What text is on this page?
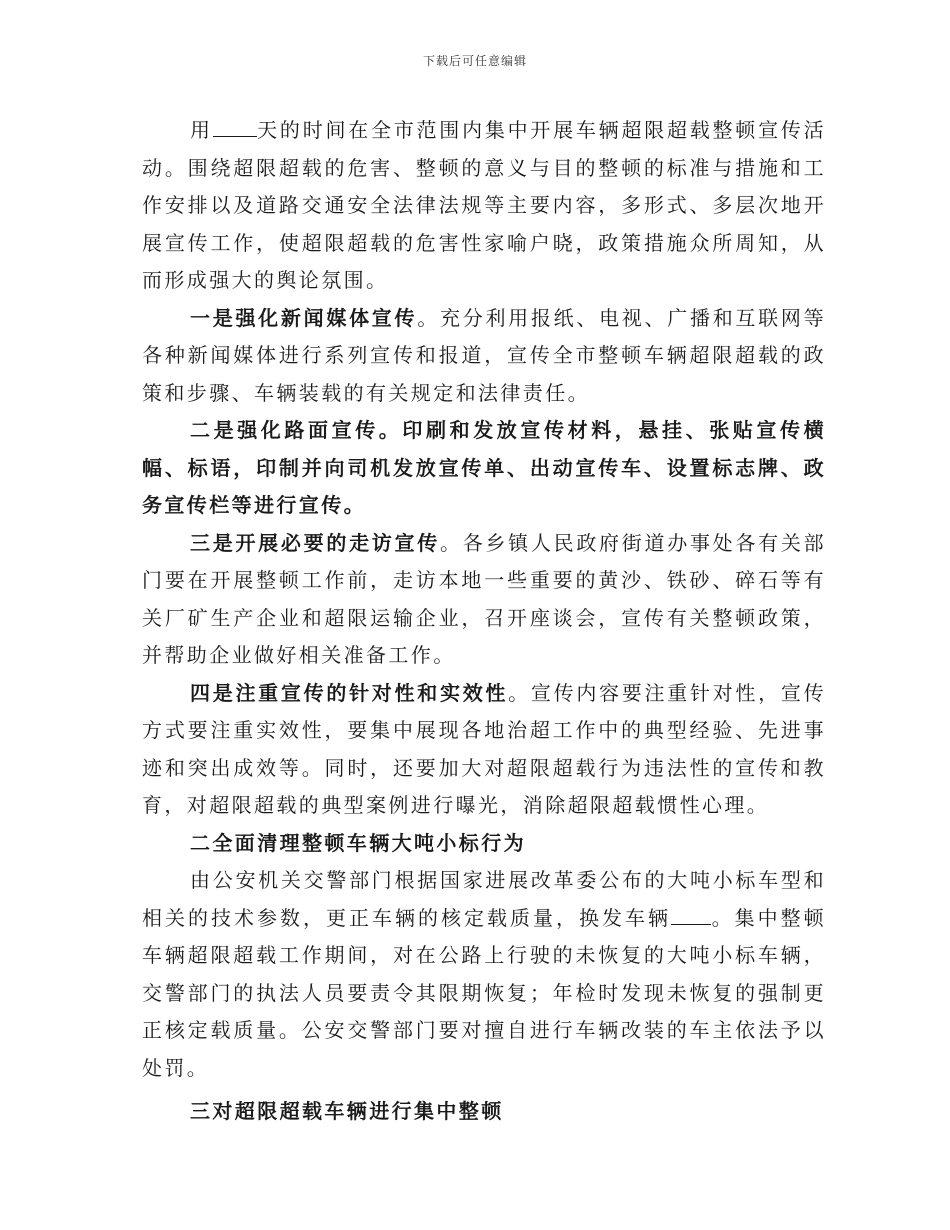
下载后可任意编辑

用 天的时间在全市范围内集中开展车辆超限超载整顿宣传活动。围绕超限超载的危害、整顿的意义与目的整顿的标准与措施和工作安排以及道路交通安全法律法规等主要内容，多形式、多层次地开展宣传工作，使超限超载的危害性家喻户晓，政策措施众所周知，从而形成强大的舆论氛围。

一是强化新闻媒体宣传。充分利用报纸、电视、广播和互联网等各种新闻媒体进行系列宣传和报道，宣传全市整顿车辆超限超载的政策和步骤、车辆装载的有关规定和法律责任。

二是强化路面宣传。印刷和发放宣传材料，悬挂、张贴宣传横幅、标语，印制并向司机发放宣传单、出动宣传车、设置标志牌、政务宣传栏等进行宣传。

三是开展必要的走访宣传。各乡镇人民政府街道办事处各有关部门要在开展整顿工作前，走访本地一些重要的黄沙、铁砂、碎石等有关厂矿生产企业和超限运输企业，召开座谈会，宣传有关整顿政策，并帮助企业做好相关准备工作。

四是注重宣传的针对性和实效性。宣传内容要注重针对性，宣传方式要注重实效性，要集中展现各地治超工作中的典型经验、先进事迹和突出成效等。同时，还要加大对超限超载行为违法性的宣传和教育，对超限超载的典型案例进行曝光，消除超限超载惯性心理。

二全面清理整顿车辆大吨小标行为

由公安机关交警部门根据国家进展改革委公布的大吨小标车型和相关的技术参数，更正车辆的核定载质量，换发车辆 。集中整顿车辆超限超载工作期间，对在公路上行驶的未恢复的大吨小标车辆，交警部门的执法人员要责令其限期恢复；年检时发现未恢复的强制更正核定载质量。公安交警部门要对擅自进行车辆改装的车主依法予以处罚。

三对超限超载车辆进行集中整顿
